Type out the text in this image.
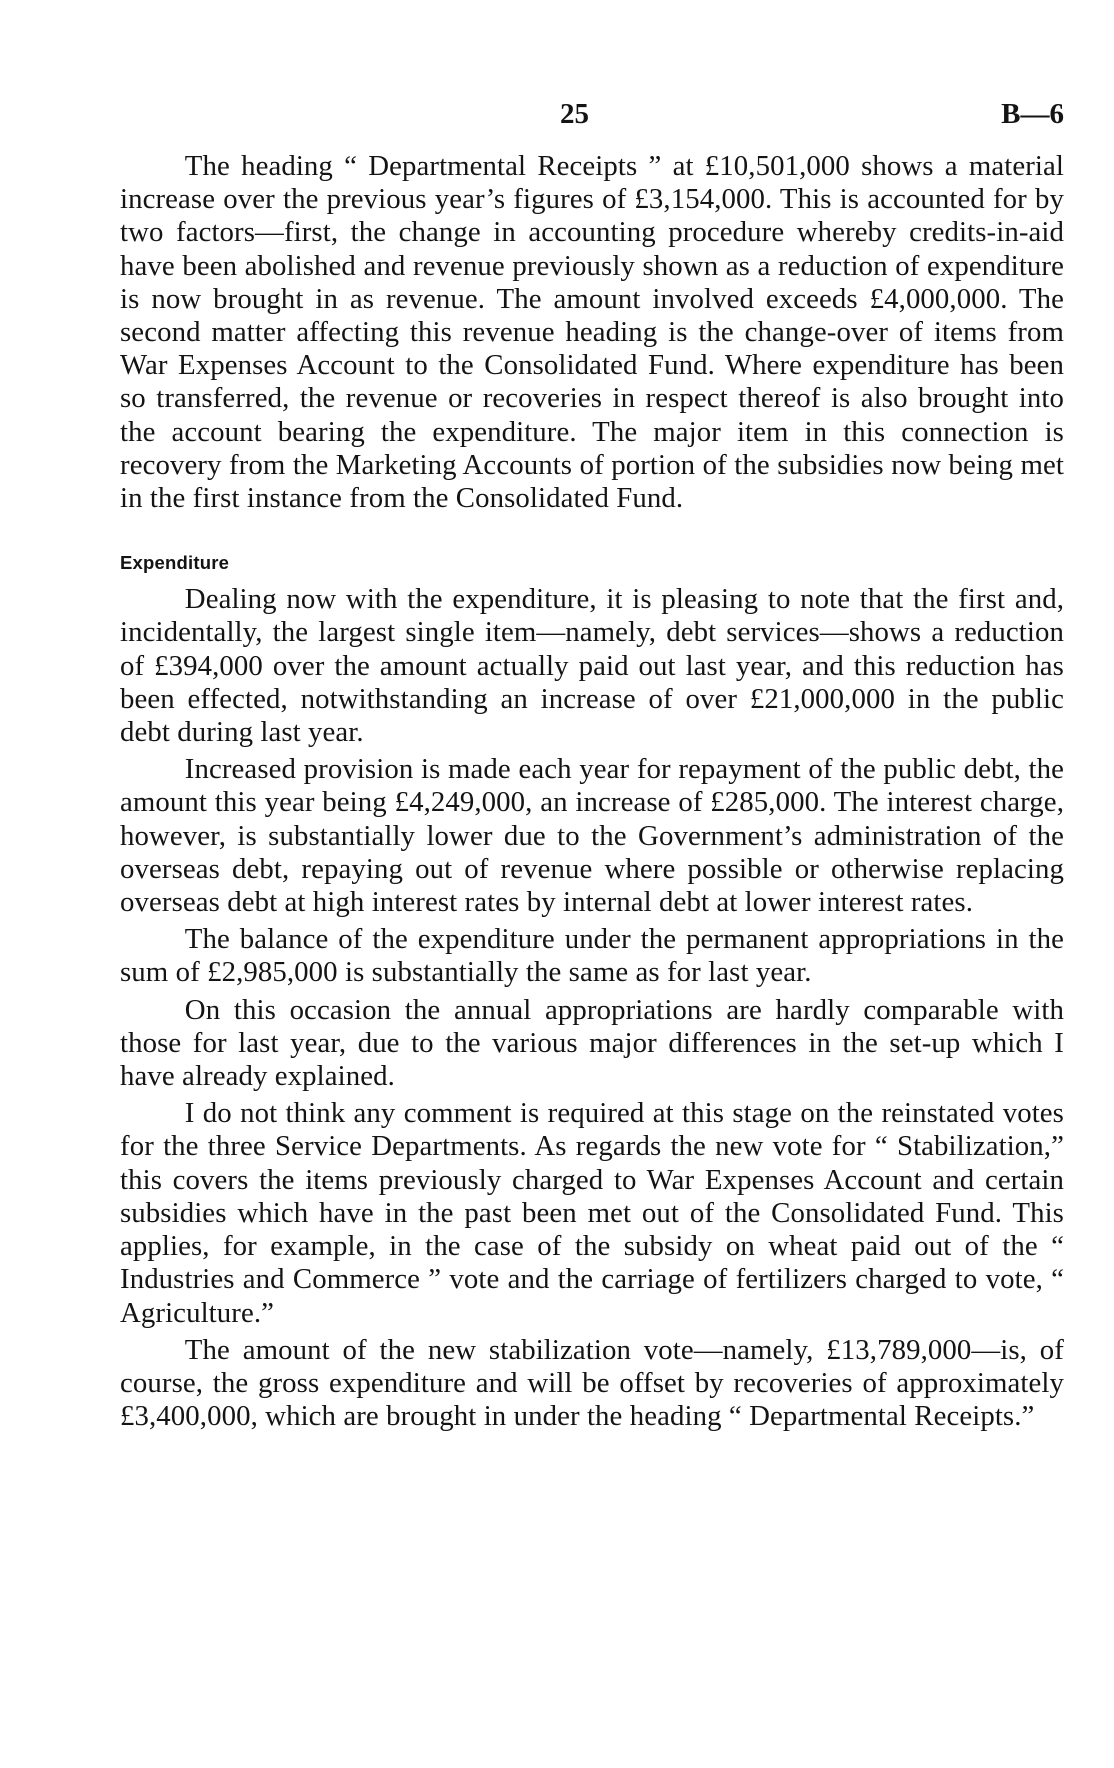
25	B—6

The heading “ Departmental Receipts ” at £10,501,000 shows a material increase over the previous year’s figures of £3,154,000. This is accounted for by two factors—first, the change in accounting procedure whereby credits-in-aid have been abolished and revenue previously shown as a reduction of expenditure is now brought in as revenue. The amount involved exceeds £4,000,000. The second matter affecting this revenue heading is the change-over of items from War Expenses Account to the Consolidated Fund. Where expenditure has been so transferred, the revenue or recoveries in respect thereof is also brought into the account bearing the expenditure. The major item in this connection is recovery from the Marketing Accounts of portion of the subsidies now being met in the first instance from the Consolidated Fund.

Expenditure

Dealing now with the expenditure, it is pleasing to note that the first and, incidentally, the largest single item—namely, debt services—shows a reduction of £394,000 over the amount actually paid out last year, and this reduction has been effected, notwithstanding an increase of over £21,000,000 in the public debt during last year.

Increased provision is made each year for repayment of the public debt, the amount this year being £4,249,000, an increase of £285,000. The interest charge, however, is substantially lower due to the Government’s administration of the overseas debt, repaying out of revenue where possible or otherwise replacing overseas debt at high interest rates by internal debt at lower interest rates.

The balance of the expenditure under the permanent appropriations in the sum of £2,985,000 is substantially the same as for last year.

On this occasion the annual appropriations are hardly comparable with those for last year, due to the various major differences in the set-up which I have already explained.

I do not think any comment is required at this stage on the reinstated votes for the three Service Departments. As regards the new vote for “ Stabilization,” this covers the items previously charged to War Expenses Account and certain subsidies which have in the past been met out of the Consolidated Fund. This applies, for example, in the case of the subsidy on wheat paid out of the “ Industries and Commerce ” vote and the carriage of fertilizers charged to vote, “ Agriculture.”

The amount of the new stabilization vote—namely, £13,789,000—is, of course, the gross expenditure and will be offset by recoveries of approximately £3,400,000, which are brought in under the heading “ Departmental Receipts.”
